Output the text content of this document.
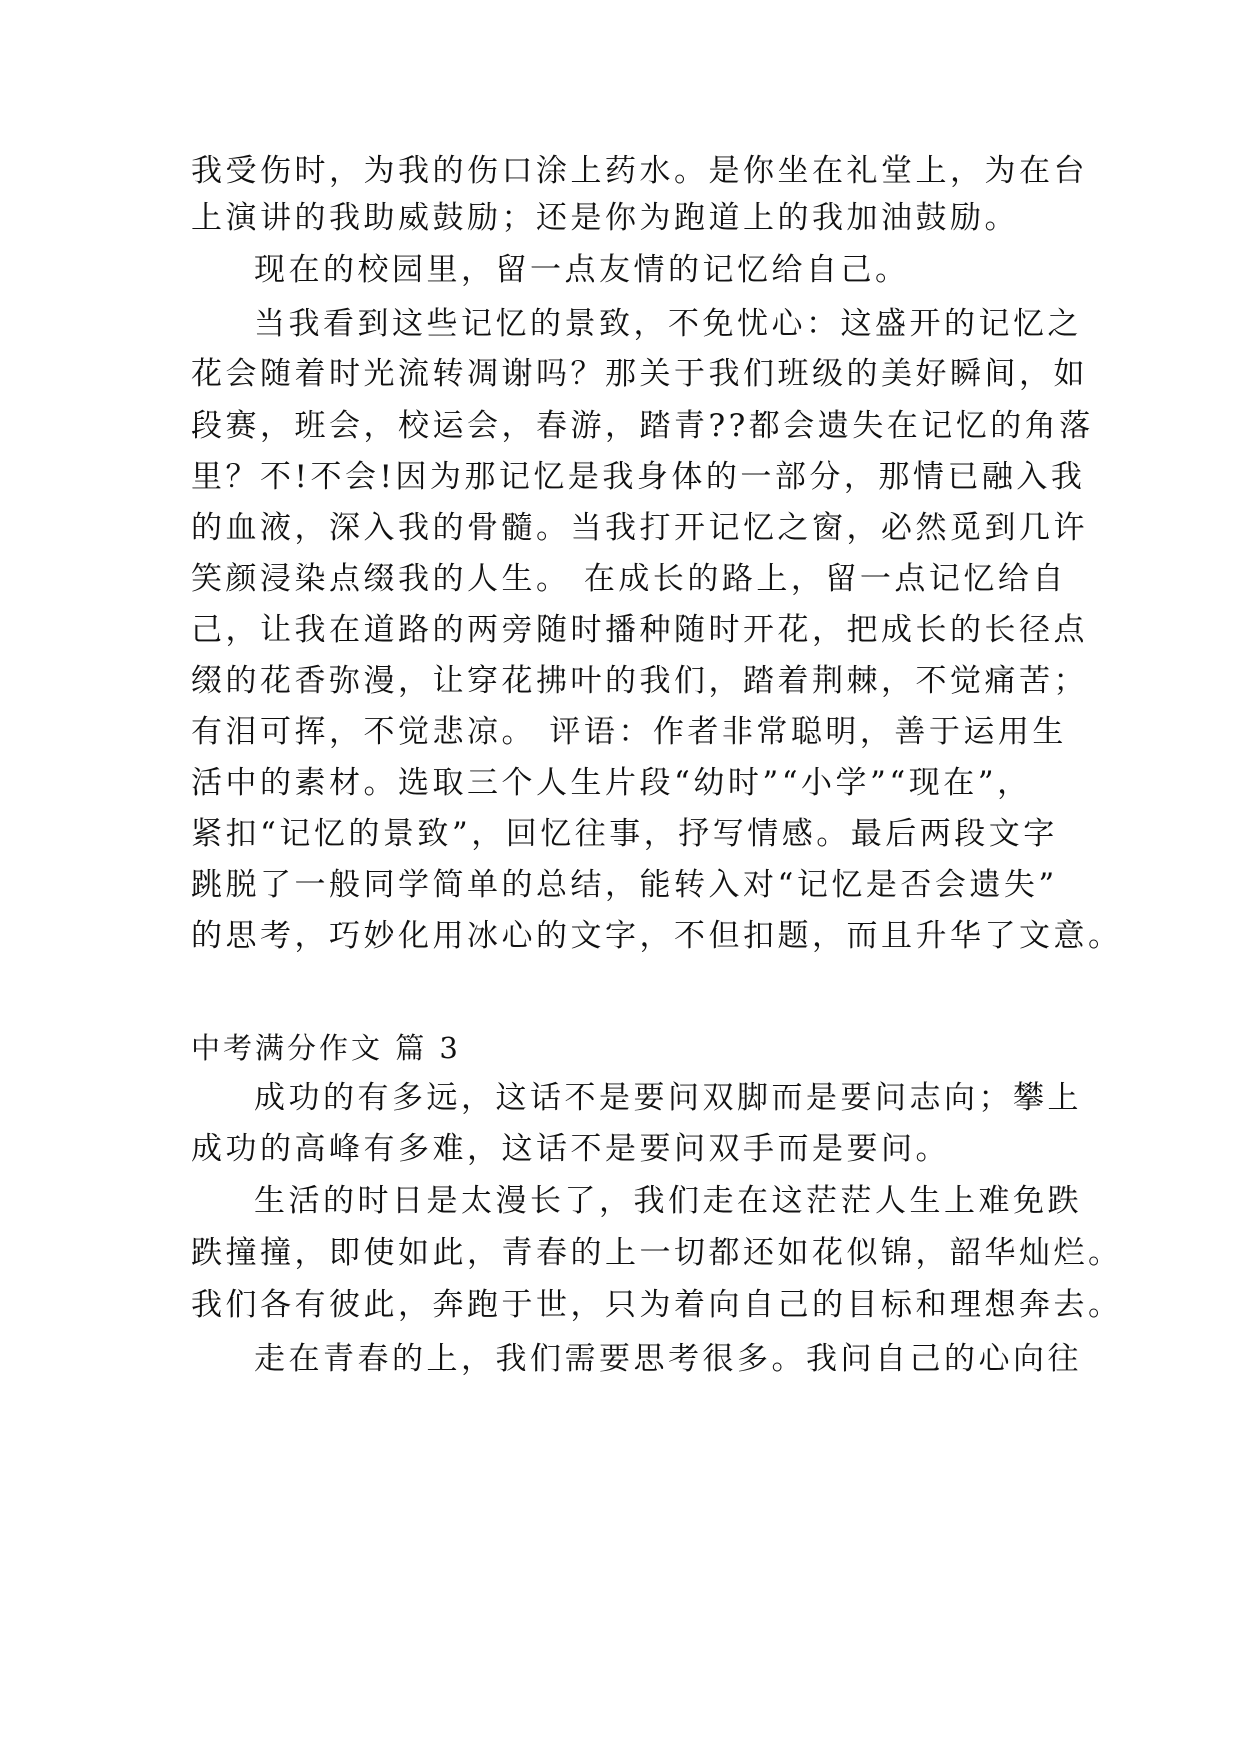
我受伤时，为我的伤口涂上药水。是你坐在礼堂上，为在台
上演讲的我助威鼓励；还是你为跑道上的我加油鼓励。
现在的校园里，留一点友情的记忆给自己。
当我看到这些记忆的景致，不免忧心：这盛开的记忆之
花会随着时光流转凋谢吗？那关于我们班级的美好瞬间，如
段赛，班会，校运会，春游，踏青??都会遗失在记忆的角落
里？不!不会!因为那记忆是我身体的一部分，那情已融入我
的血液，深入我的骨髓。当我打开记忆之窗，必然觅到几许
笑颜浸染点缀我的人生。 在成长的路上，留一点记忆给自
己，让我在道路的两旁随时播种随时开花，把成长的长径点
缀的花香弥漫，让穿花拂叶的我们，踏着荆棘，不觉痛苦；
有泪可挥，不觉悲凉。 评语：作者非常聪明，善于运用生
活中的素材。选取三个人生片段“幼时”“小学”“现在”，
紧扣“记忆的景致”，回忆往事，抒写情感。最后两段文字
跳脱了一般同学简单的总结，能转入对“记忆是否会遗失”
的思考，巧妙化用冰心的文字，不但扣题，而且升华了文意。
中考满分作文 篇 3
成功的有多远，这话不是要问双脚而是要问志向；攀上
成功的高峰有多难，这话不是要问双手而是要问。
生活的时日是太漫长了，我们走在这茫茫人生上难免跌
跌撞撞，即使如此，青春的上一切都还如花似锦，韶华灿烂。
我们各有彼此，奔跑于世，只为着向自己的目标和理想奔去。
走在青春的上，我们需要思考很多。我问自己的心向往
